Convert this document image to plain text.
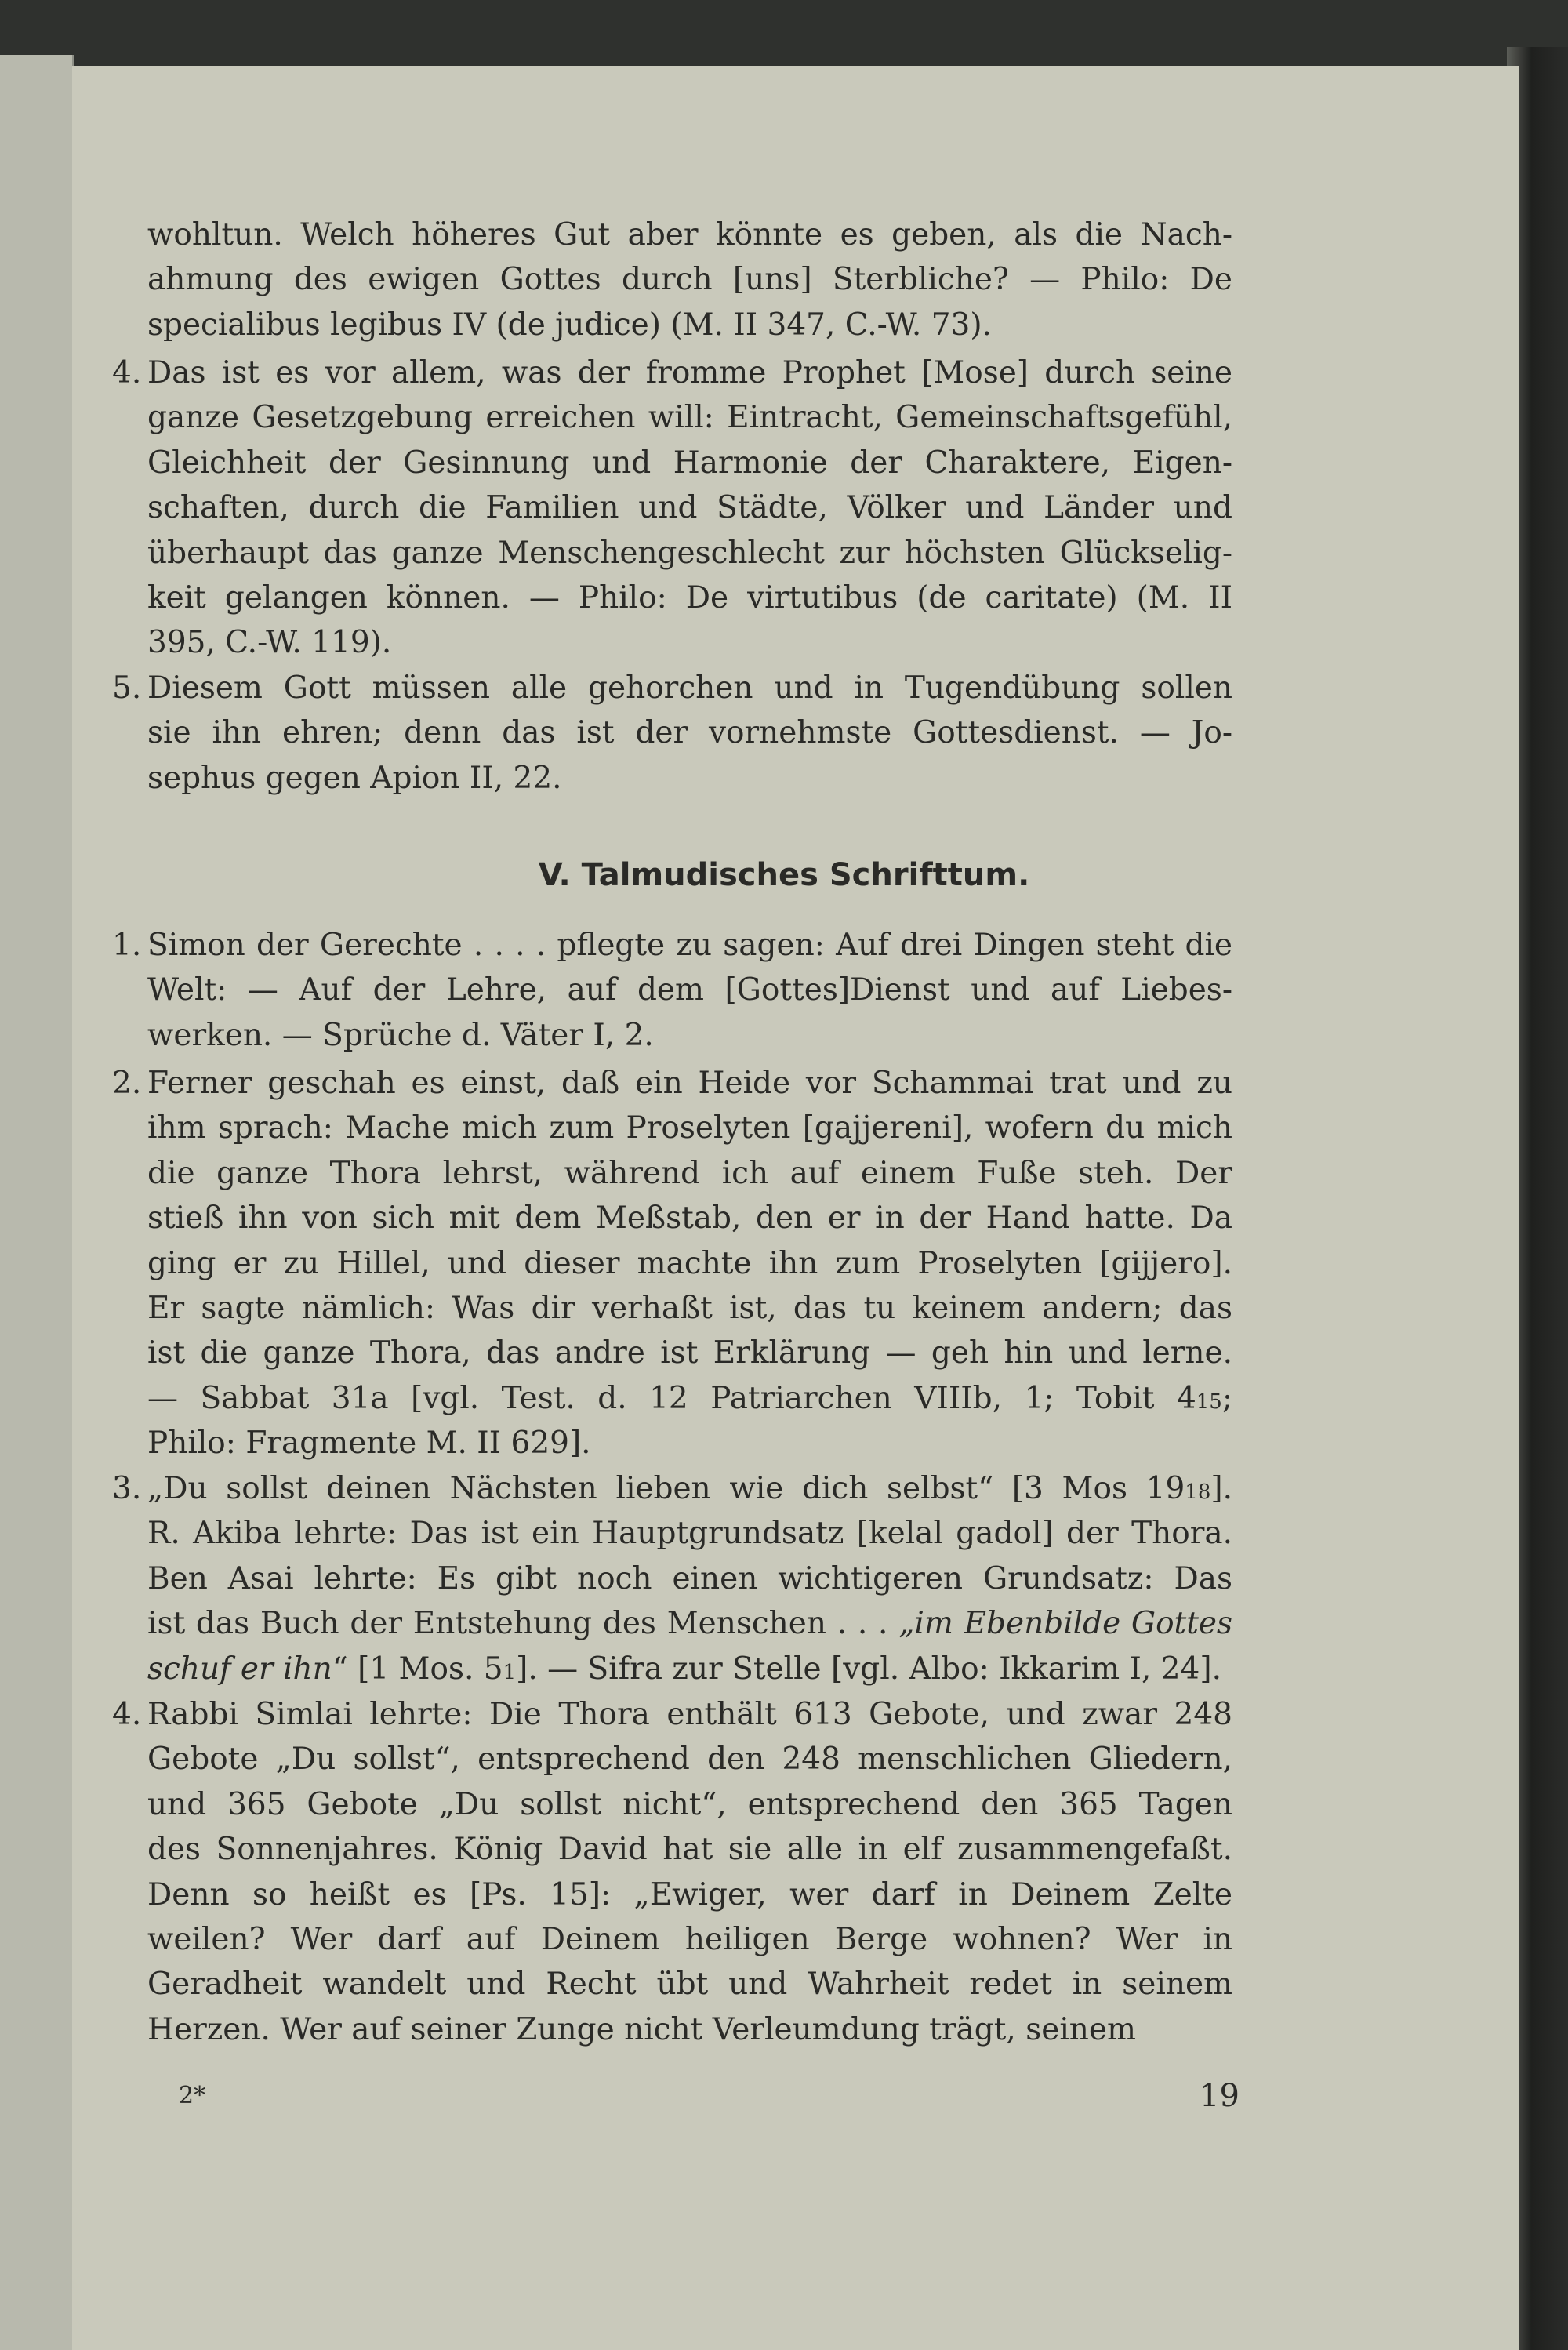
wohltun. Welch höheres Gut aber könnte es geben, als die Nach-
ahmung des ewigen Gottes durch [uns] Sterbliche? — Philo: De
specialibus legibus IV (de judice) (M. II 347, C.-W. 73).
4. Das ist es vor allem, was der fromme Prophet [Mose] durch seine
ganze Gesetzgebung erreichen will: Eintracht, Gemeinschaftsgefühl,
Gleichheit der Gesinnung und Harmonie der Charaktere, Eigen-
schaften, durch die Familien und Städte, Völker und Länder und
überhaupt das ganze Menschengeschlecht zur höchsten Glückselig-
keit gelangen können. — Philo: De virtutibus (de caritate) (M. II
395, C.-W. 119).
5. Diesem Gott müssen alle gehorchen und in Tugendübung sollen
sie ihn ehren; denn das ist der vornehmste Gottesdienst. — Jo-
sephus gegen Apion II, 22.
1. Simon der Gerechte . . . . pflegte zu sagen: Auf drei Dingen steht die
Welt: — Auf der Lehre, auf dem [Gottes]Dienst und auf Liebes-
werken. — Sprüche d. Väter I, 2.
2. Ferner geschah es einst, daß ein Heide vor Schammai trat und zu
ihm sprach: Mache mich zum Proselyten [gajjereni], wofern du mich
die ganze Thora lehrst, während ich auf einem Fuße steh. Der
stieß ihn von sich mit dem Meßstab, den er in der Hand hatte. Da
ging er zu Hillel, und dieser machte ihn zum Proselyten [gijjero].
Er sagte nämlich: Was dir verhaßt ist, das tu keinem andern; das
ist die ganze Thora, das andre ist Erklärung — geh hin und lerne.
— Sabbat 31a [vgl. Test. d. 12 Patriarchen VIIIb, 1; Tobit 415;
Philo: Fragmente M. II 629].
3. „Du sollst deinen Nächsten lieben wie dich selbst“ [3 Mos 1918].
R. Akiba lehrte: Das ist ein Hauptgrundsatz [kelal gadol] der Thora.
Ben Asai lehrte: Es gibt noch einen wichtigeren Grundsatz: Das
ist das Buch der Entstehung des Menschen . . . „im Ebenbilde Gottes
schuf er ihn“ [1 Mos. 51]. — Sifra zur Stelle [vgl. Albo: Ikkarim I, 24].
4. Rabbi Simlai lehrte: Die Thora enthält 613 Gebote, und zwar 248
Gebote „Du sollst“, entsprechend den 248 menschlichen Gliedern,
und 365 Gebote „Du sollst nicht“, entsprechend den 365 Tagen
des Sonnenjahres. König David hat sie alle in elf zusammengefaßt.
Denn so heißt es [Ps. 15]: „Ewiger, wer darf in Deinem Zelte
weilen? Wer darf auf Deinem heiligen Berge wohnen? Wer in
Geradheit wandelt und Recht übt und Wahrheit redet in seinem
Herzen. Wer auf seiner Zunge nicht Verleumdung trägt, seinem
V. Talmudisches Schrifttum.
2*	19
